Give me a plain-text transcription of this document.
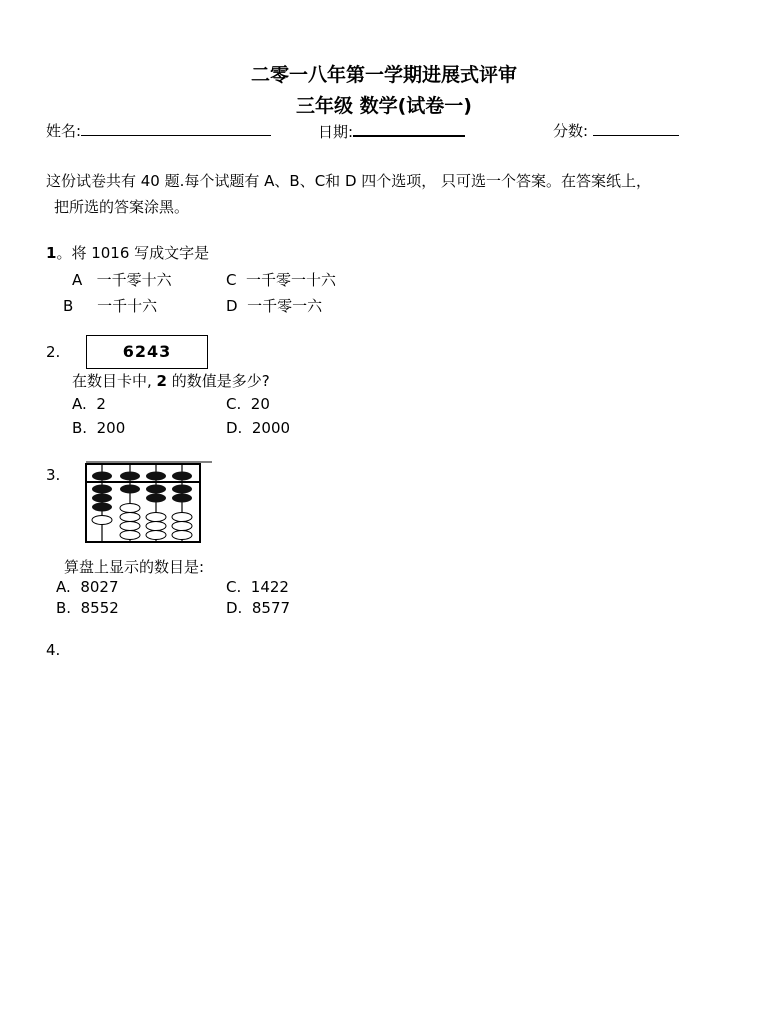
二零一八年第一学期进展式评审
三年级 数学(试卷一)
姓名:	日期:	分数:
这份试卷共有 40 题.每个试题有 A、B、C和 D 四个选项， 只可选一个答案。在答案纸上，
把所选的答案涂黑。
1。将 1016 写成文字是
A 一千零十六	C 一千零一十六
B 一千十六	D 一千零一六
2.	6243
在数目卡中, 2 的数值是多少?
A. 2	C. 20
B. 200	D. 2000
3.
算盘上显示的数目是:
A. 8027	C. 1422
B. 8552	D. 8577
4.
